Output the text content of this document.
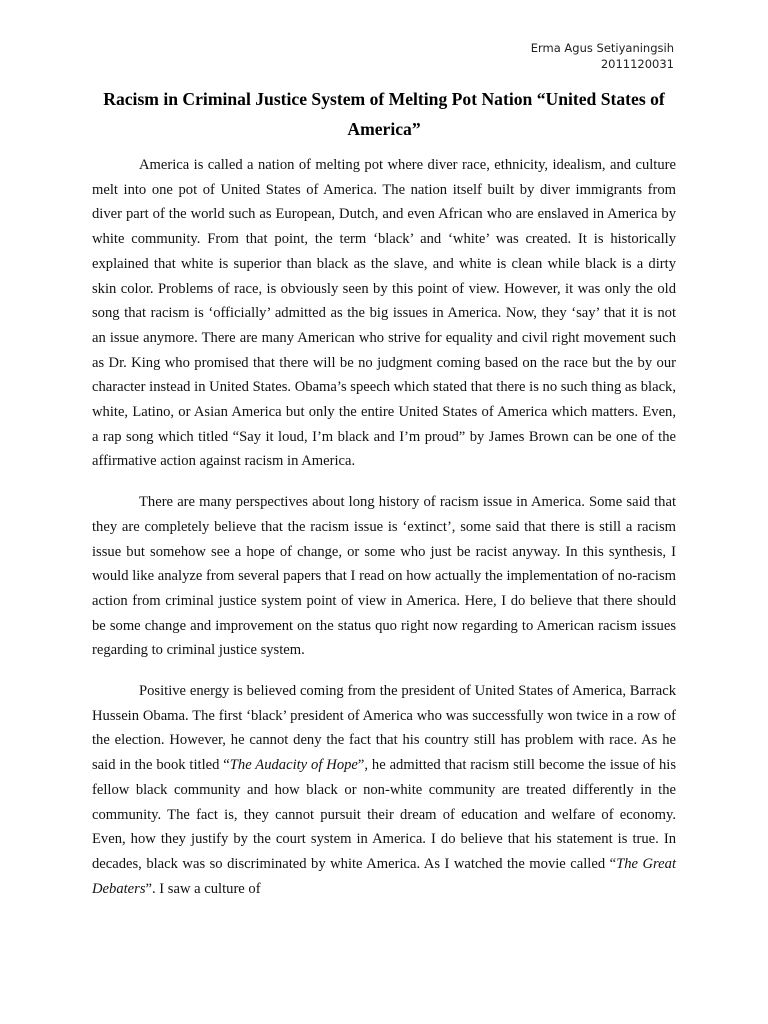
Erma Agus Setiyaningsih
2011120031
Racism in Criminal Justice System of Melting Pot Nation “United States of America”

America is called a nation of melting pot where diver race, ethnicity, idealism, and culture melt into one pot of United States of America. The nation itself built by diver immigrants from diver part of the world such as European, Dutch, and even African who are enslaved in America by white community. From that point, the term ‘black’ and ‘white’ was created. It is historically explained that white is superior than black as the slave, and white is clean while black is a dirty skin color. Problems of race, is obviously seen by this point of view. However, it was only the old song that racism is ‘officially’ admitted as the big issues in America. Now, they ‘say’ that it is not an issue anymore. There are many American who strive for equality and civil right movement such as Dr. King who promised that there will be no judgment coming based on the race but the by our character instead in United States. Obama’s speech which stated that there is no such thing as black, white, Latino, or Asian America but only the entire United States of America which matters. Even, a rap song which titled “Say it loud, I’m black and I’m proud” by James Brown can be one of the affirmative action against racism in America.

There are many perspectives about long history of racism issue in America. Some said that they are completely believe that the racism issue is ‘extinct’, some said that there is still a racism issue but somehow see a hope of change, or some who just be racist anyway. In this synthesis, I would like analyze from several papers that I read on how actually the implementation of no-racism action from criminal justice system point of view in America. Here, I do believe that there should be some change and improvement on the status quo right now regarding to American racism issues regarding to criminal justice system.

Positive energy is believed coming from the president of United States of America, Barrack Hussein Obama. The first ‘black’ president of America who was successfully won twice in a row of the election. However, he cannot deny the fact that his country still has problem with race. As he said in the book titled “The Audacity of Hope”, he admitted that racism still become the issue of his fellow black community and how black or non-white community are treated differently in the community. The fact is, they cannot pursuit their dream of education and welfare of economy. Even, how they justify by the court system in America. I do believe that his statement is true. In decades, black was so discriminated by white America. As I watched the movie called “The Great Debaters”. I saw a culture of
